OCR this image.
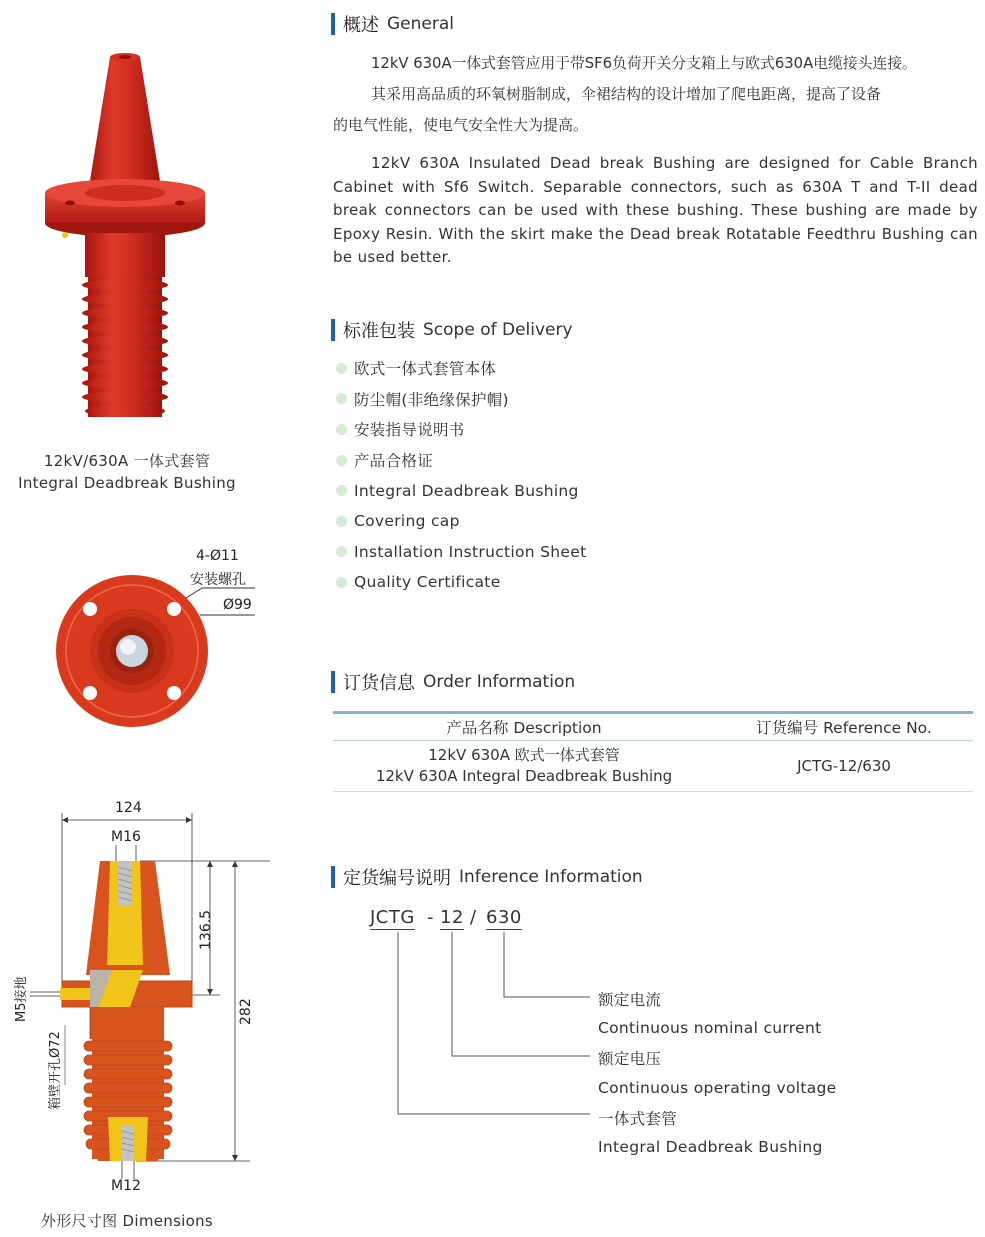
12kV/630A 一体式套管
Integral Deadbreak Bushing
4-Ø11
安装螺孔
Ø99
124
M16
136.5
282
M5接地
箱壁开孔Ø72
M12
外形尺寸图 Dimensions
概述 General
12kV 630A一体式套管应用于带SF6负荷开关分支箱上与欧式630A电缆接头连接。
其采用高品质的环氧树脂制成，伞裙结构的设计增加了爬电距离，提高了设备
的电气性能，使电气安全性大为提高。
12kV 630A Insulated Dead break Bushing are designed for Cable Branch Cabinet with Sf6 Switch. Separable connectors, such as 630A T and T-II dead break connectors can be used with these bushing. These bushing are made by Epoxy Resin. With the skirt make the Dead break Rotatable Feedthru Bushing can be used better.
标准包装 Scope of Delivery
欧式一体式套管本体
防尘帽(非绝缘保护帽)
安装指导说明书
产品合格证
Integral Deadbreak Bushing
Covering cap
Installation Instruction Sheet
Quality Certificate
订货信息 Order Information
产品名称 Description	订货编号 Reference No.
12kV 630A 欧式一体式套管
12kV 630A Integral Deadbreak Bushing
JCTG-12/630
定货编号说明 Inference Information
JCTG - 12 / 630
额定电流
Continuous nominal current
额定电压
Continuous operating voltage
一体式套管
Integral Deadbreak Bushing
